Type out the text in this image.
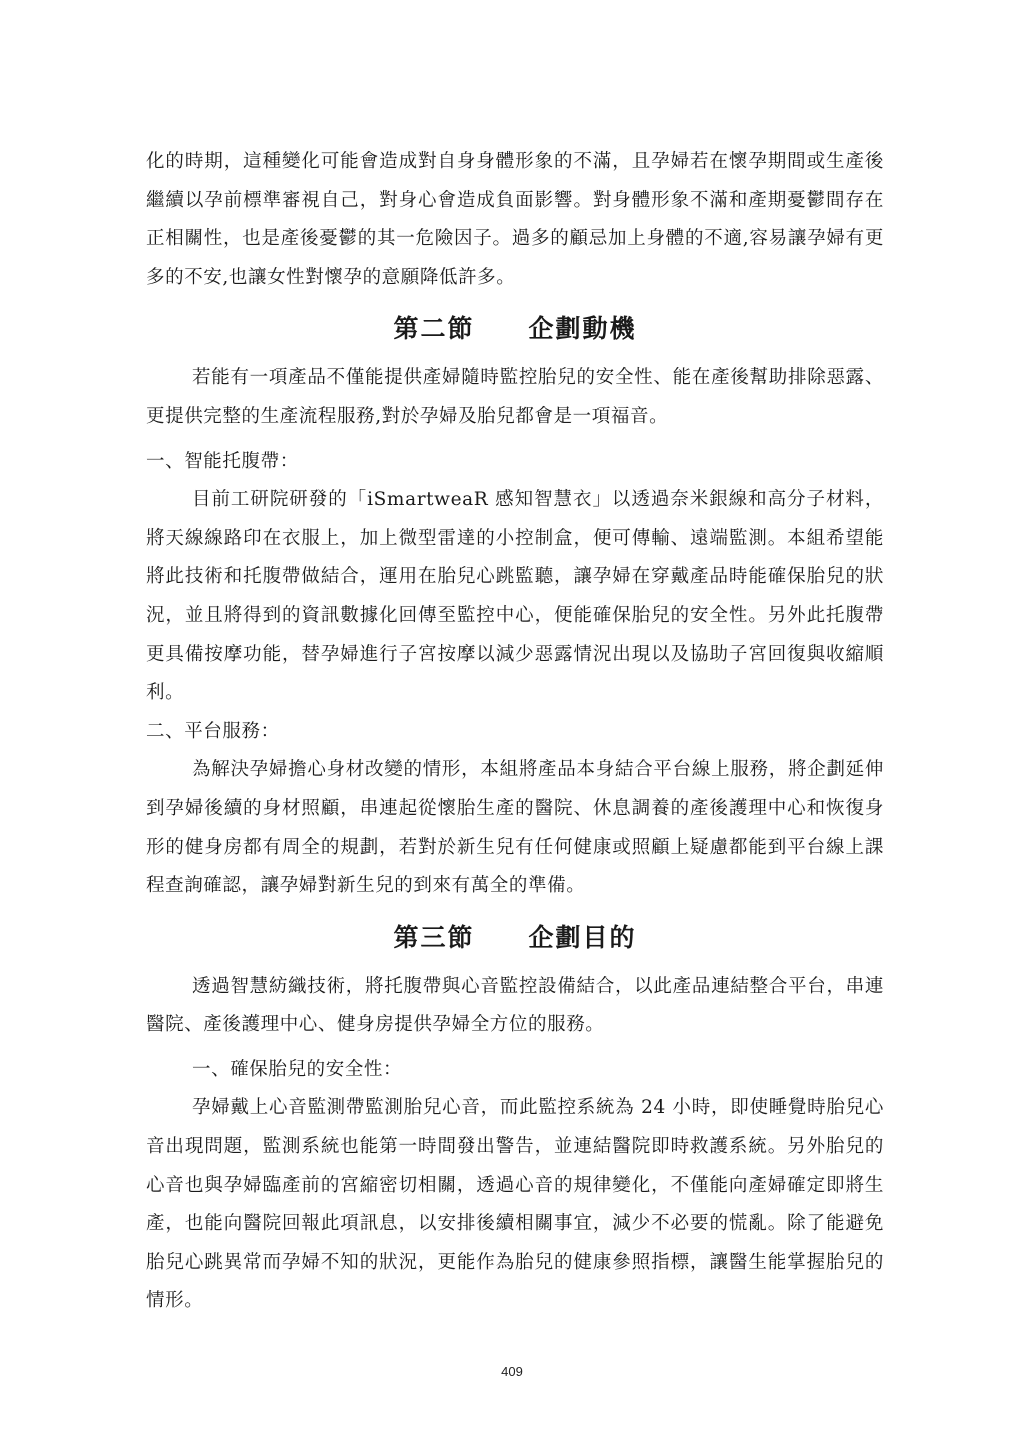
化的時期，這種變化可能會造成對自身身體形象的不滿，且孕婦若在懷孕期間或生產後繼續以孕前標準審視自己，對身心會造成負面影響。對身體形象不滿和產期憂鬱間存在正相關性，也是產後憂鬱的其一危險因子。過多的顧忌加上身體的不適,容易讓孕婦有更多的不安,也讓女性對懷孕的意願降低許多。

第二節　　企劃動機

若能有一項產品不僅能提供產婦隨時監控胎兒的安全性、能在產後幫助排除惡露、更提供完整的生產流程服務,對於孕婦及胎兒都會是一項福音。

一、智能托腹帶：

目前工研院研發的「iSmartweaR 感知智慧衣」以透過奈米銀線和高分子材料，將天線線路印在衣服上，加上微型雷達的小控制盒，便可傳輸、遠端監測。本組希望能將此技術和托腹帶做結合，運用在胎兒心跳監聽，讓孕婦在穿戴產品時能確保胎兒的狀況，並且將得到的資訊數據化回傳至監控中心，便能確保胎兒的安全性。另外此托腹帶更具備按摩功能，替孕婦進行子宮按摩以減少惡露情況出現以及協助子宮回復與收縮順利。

二、平台服務：

為解決孕婦擔心身材改變的情形，本組將產品本身結合平台線上服務，將企劃延伸到孕婦後續的身材照顧，串連起從懷胎生產的醫院、休息調養的產後護理中心和恢復身形的健身房都有周全的規劃，若對於新生兒有任何健康或照顧上疑慮都能到平台線上課程查詢確認，讓孕婦對新生兒的到來有萬全的準備。

第三節　　企劃目的

透過智慧紡織技術，將托腹帶與心音監控設備結合，以此產品連結整合平台，串連醫院、產後護理中心、健身房提供孕婦全方位的服務。

一、確保胎兒的安全性：

孕婦戴上心音監測帶監測胎兒心音，而此監控系統為 24 小時，即使睡覺時胎兒心音出現問題，監測系統也能第一時間發出警告，並連結醫院即時救護系統。另外胎兒的心音也與孕婦臨產前的宮縮密切相關，透過心音的規律變化，不僅能向產婦確定即將生產，也能向醫院回報此項訊息，以安排後續相關事宜，減少不必要的慌亂。除了能避免胎兒心跳異常而孕婦不知的狀況，更能作為胎兒的健康參照指標，讓醫生能掌握胎兒的情形。

409
